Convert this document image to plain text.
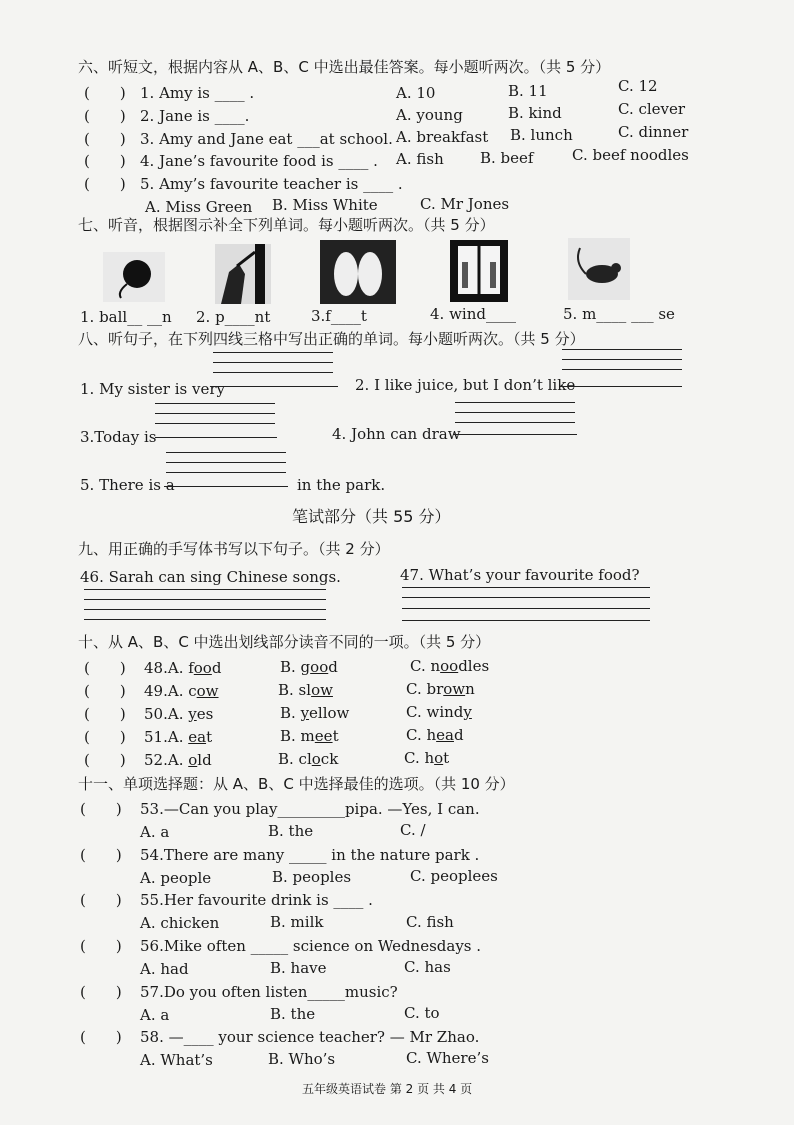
六、听短文，根据内容从 A、B、C 中选出最佳答案。每小题听两次。（共 5 分）
(　　) 1. Amy is ____ .	A. 10	B. 11	C. 12
(　　) 2. Jane is ____.	A. young	B. kind	C. clever
(　　) 3. Amy and Jane eat ___at school. A. breakfast B. lunch	C. dinner
(　　) 4. Jane’s favourite food is ____ . A. fish B. beef	C. beef noodles
(　　) 5. Amy’s favourite teacher is ____ .
A. Miss Green B. Miss White	C. Mr Jones
七、听音，根据图示补全下列单词。每小题听两次。（共 5 分）
1. ball__ __n 2. p____nt	3.f____t	4. wind____	5. m____ ___ se
八、听句子，在下列四线三格中写出正确的单词。每小题听两次。（共 5 分）
1. My sister is very	2. I like juice, but I don’t like
3.Today is	4. John can draw
5. There is a	in the park.
笔试部分（共 55 分）
九、用正确的手写体书写以下句子。（共 2 分）
46. Sarah can sing Chinese songs.	47. What’s your favourite food?
十、从 A、B、C 中选出划线部分读音不同的一项。（共 5 分）
(　　) 48.A. food	B. good	C. noodles
(　　) 49.A. cow	B. slow	C. brown
(　　) 50.A. yes	B. yellow	C. windy
(　　) 51.A. eat	B. meet	C. head
(　　) 52.A. old	B. clock	C. hot
十一、单项选择题：从 A、B、C 中选择最佳的选项。（共 10 分）
(　　) 53.—Can you play_________pipa. —Yes, I can.
A. a	B. the	C. /
(　　) 54.There are many _____ in the nature park .
A. people	B. peoples	C. peoplees
(　　) 55.Her favourite drink is ____ .
A. chicken	B. milk	C. fish
(　　) 56.Mike often _____ science on Wednesdays .
A. had	B. have	C. has
(　　) 57.Do you often listen_____music?
A. a	B. the	C. to
(　　) 58. —____ your science teacher? — Mr Zhao.
A. What’s	B. Who’s	C. Where’s
五年级英语试卷 第 2 页 共 4 页
